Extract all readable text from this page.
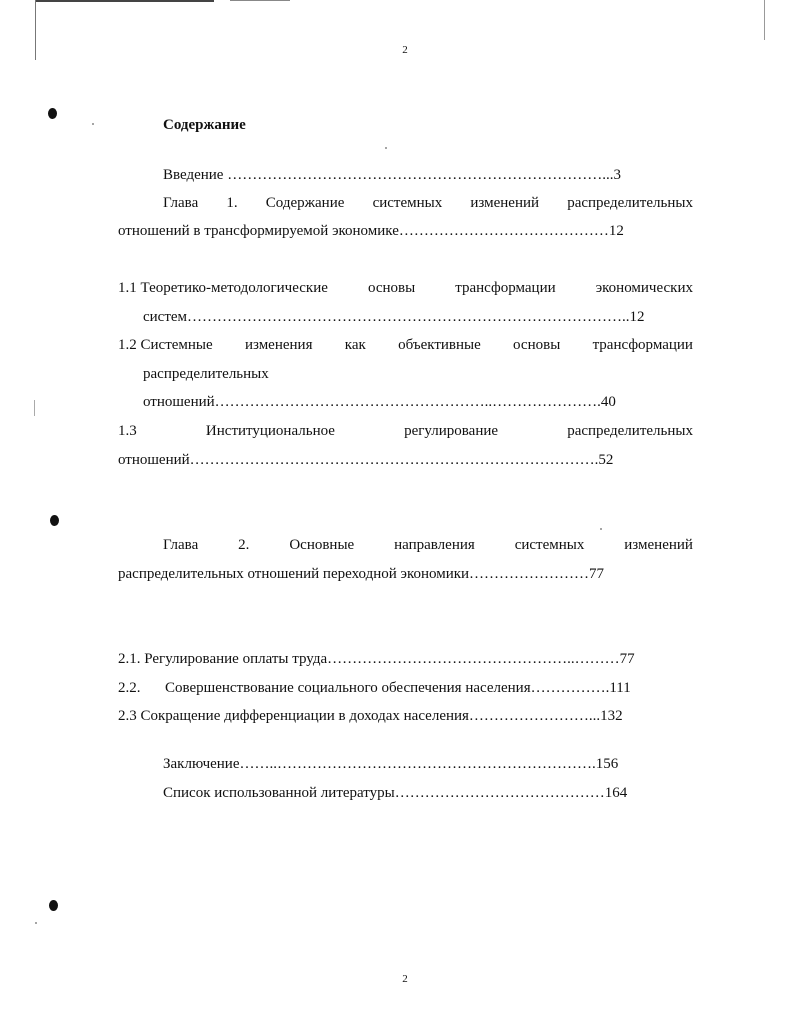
2
2
Содержание
Введение …………………………………………………………………...3
Глава 1. Содержание системных изменений распределительных
отношений в трансформируемой экономике……………………………………12
1.1 Теоретико-методологические	основы	трансформации	экономических
систем……………………………………………………………………………..12
1.2 Системные изменения как объективные основы трансформации
распределительных
отношений………………………………………………..………………….40
1.3	Институциональное	регулирование	распределительных
отношений……………………………………………………………………….52
Глава	2.	Основные	направления	системных	изменений
распределительных отношений переходной экономики……………………77
2.1. Регулирование оплаты труда…………………………………………..………77
2.2. Совершенствование социального обеспечения населения…………….111
2.3 Сокращение дифференциации в доходах населения……………………...132
Заключение……..……………………………………………………….156
Список использованной литературы……………………………………164
